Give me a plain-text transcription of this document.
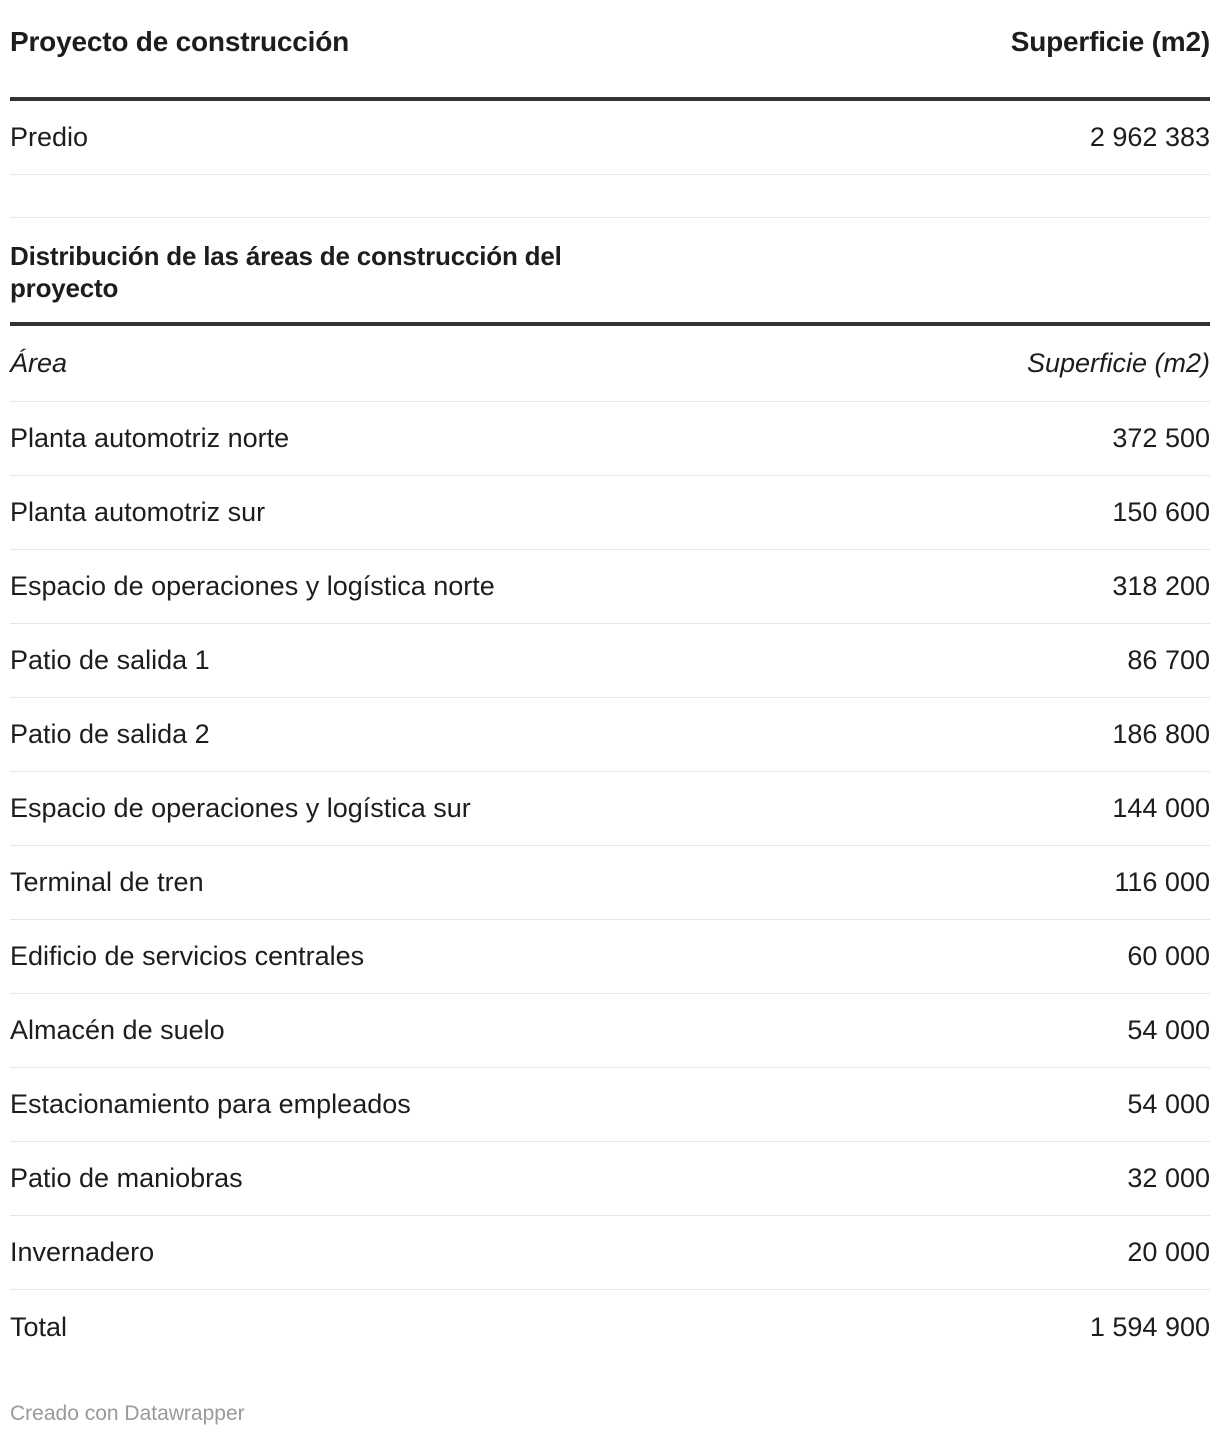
Proyecto de construcción	Superficie (m2)
Predio	2 962 383
Distribución de las áreas de construcción del proyecto
Área	Superficie (m2)
Planta automotriz norte	372 500
Planta automotriz sur	150 600
Espacio de operaciones y logística norte	318 200
Patio de salida 1	86 700
Patio de salida 2	186 800
Espacio de operaciones y logística sur	144 000
Terminal de tren	116 000
Edificio de servicios centrales	60 000
Almacén de suelo	54 000
Estacionamiento para empleados	54 000
Patio de maniobras	32 000
Invernadero	20 000
Total	1 594 900
Creado con Datawrapper
